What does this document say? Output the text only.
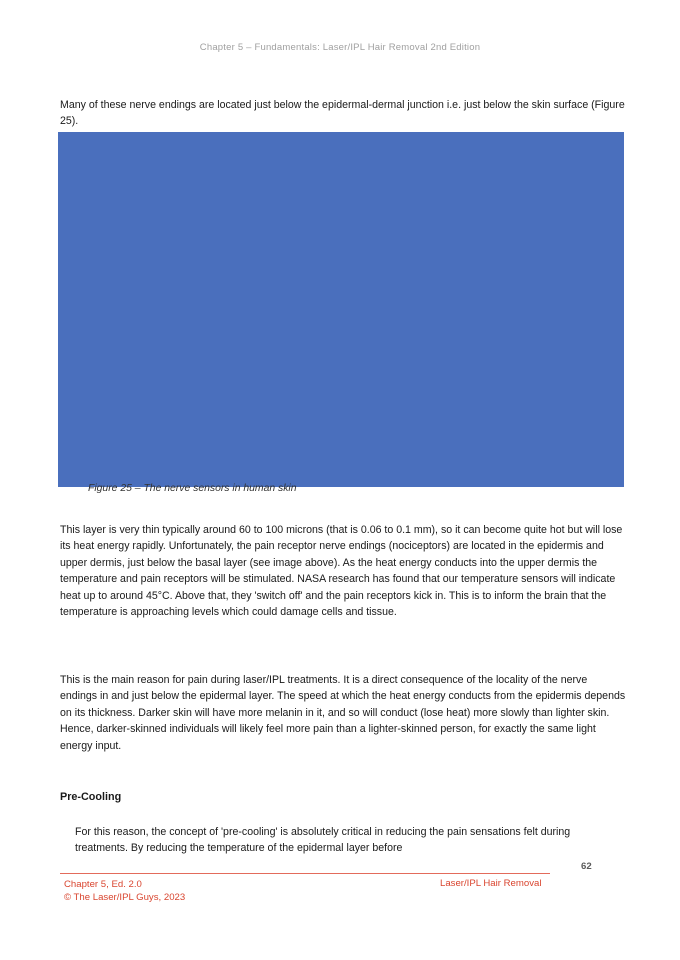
Chapter 5 – Fundamentals: Laser/IPL Hair Removal 2nd Edition

Many of these nerve endings are located just below the epidermal-dermal junction i.e. just below the skin surface (Figure 25).

Figure 25 – The nerve sensors in human skin

This layer is very thin typically around 60 to 100 microns (that is 0.06 to 0.1 mm), so it can become quite hot but will lose its heat energy rapidly. Unfortunately, the pain receptor nerve endings (nociceptors) are located in the epidermis and upper dermis, just below the basal layer (see image above). As the heat energy conducts into the upper dermis the temperature and pain receptors will be stimulated. NASA research has found that our temperature sensors will indicate heat up to around 45°C. Above that, they 'switch off' and the pain receptors kick in. This is to inform the brain that the temperature is approaching levels which could damage cells and tissue.

This is the main reason for pain during laser/IPL treatments. It is a direct consequence of the locality of the nerve endings in and just below the epidermal layer. The speed at which the heat energy conducts from the epidermis depends on its thickness. Darker skin will have more melanin in it, and so will conduct (lose heat) more slowly than lighter skin. Hence, darker-skinned individuals will likely feel more pain than a lighter-skinned person, for exactly the same light energy input.

Pre-Cooling

For this reason, the concept of 'pre-cooling' is absolutely critical in reducing the pain sensations felt during treatments. By reducing the temperature of the epidermal layer before

62
Chapter 5, Ed. 2.0
© The Laser/IPL Guys, 2023
Laser/IPL Hair Removal
